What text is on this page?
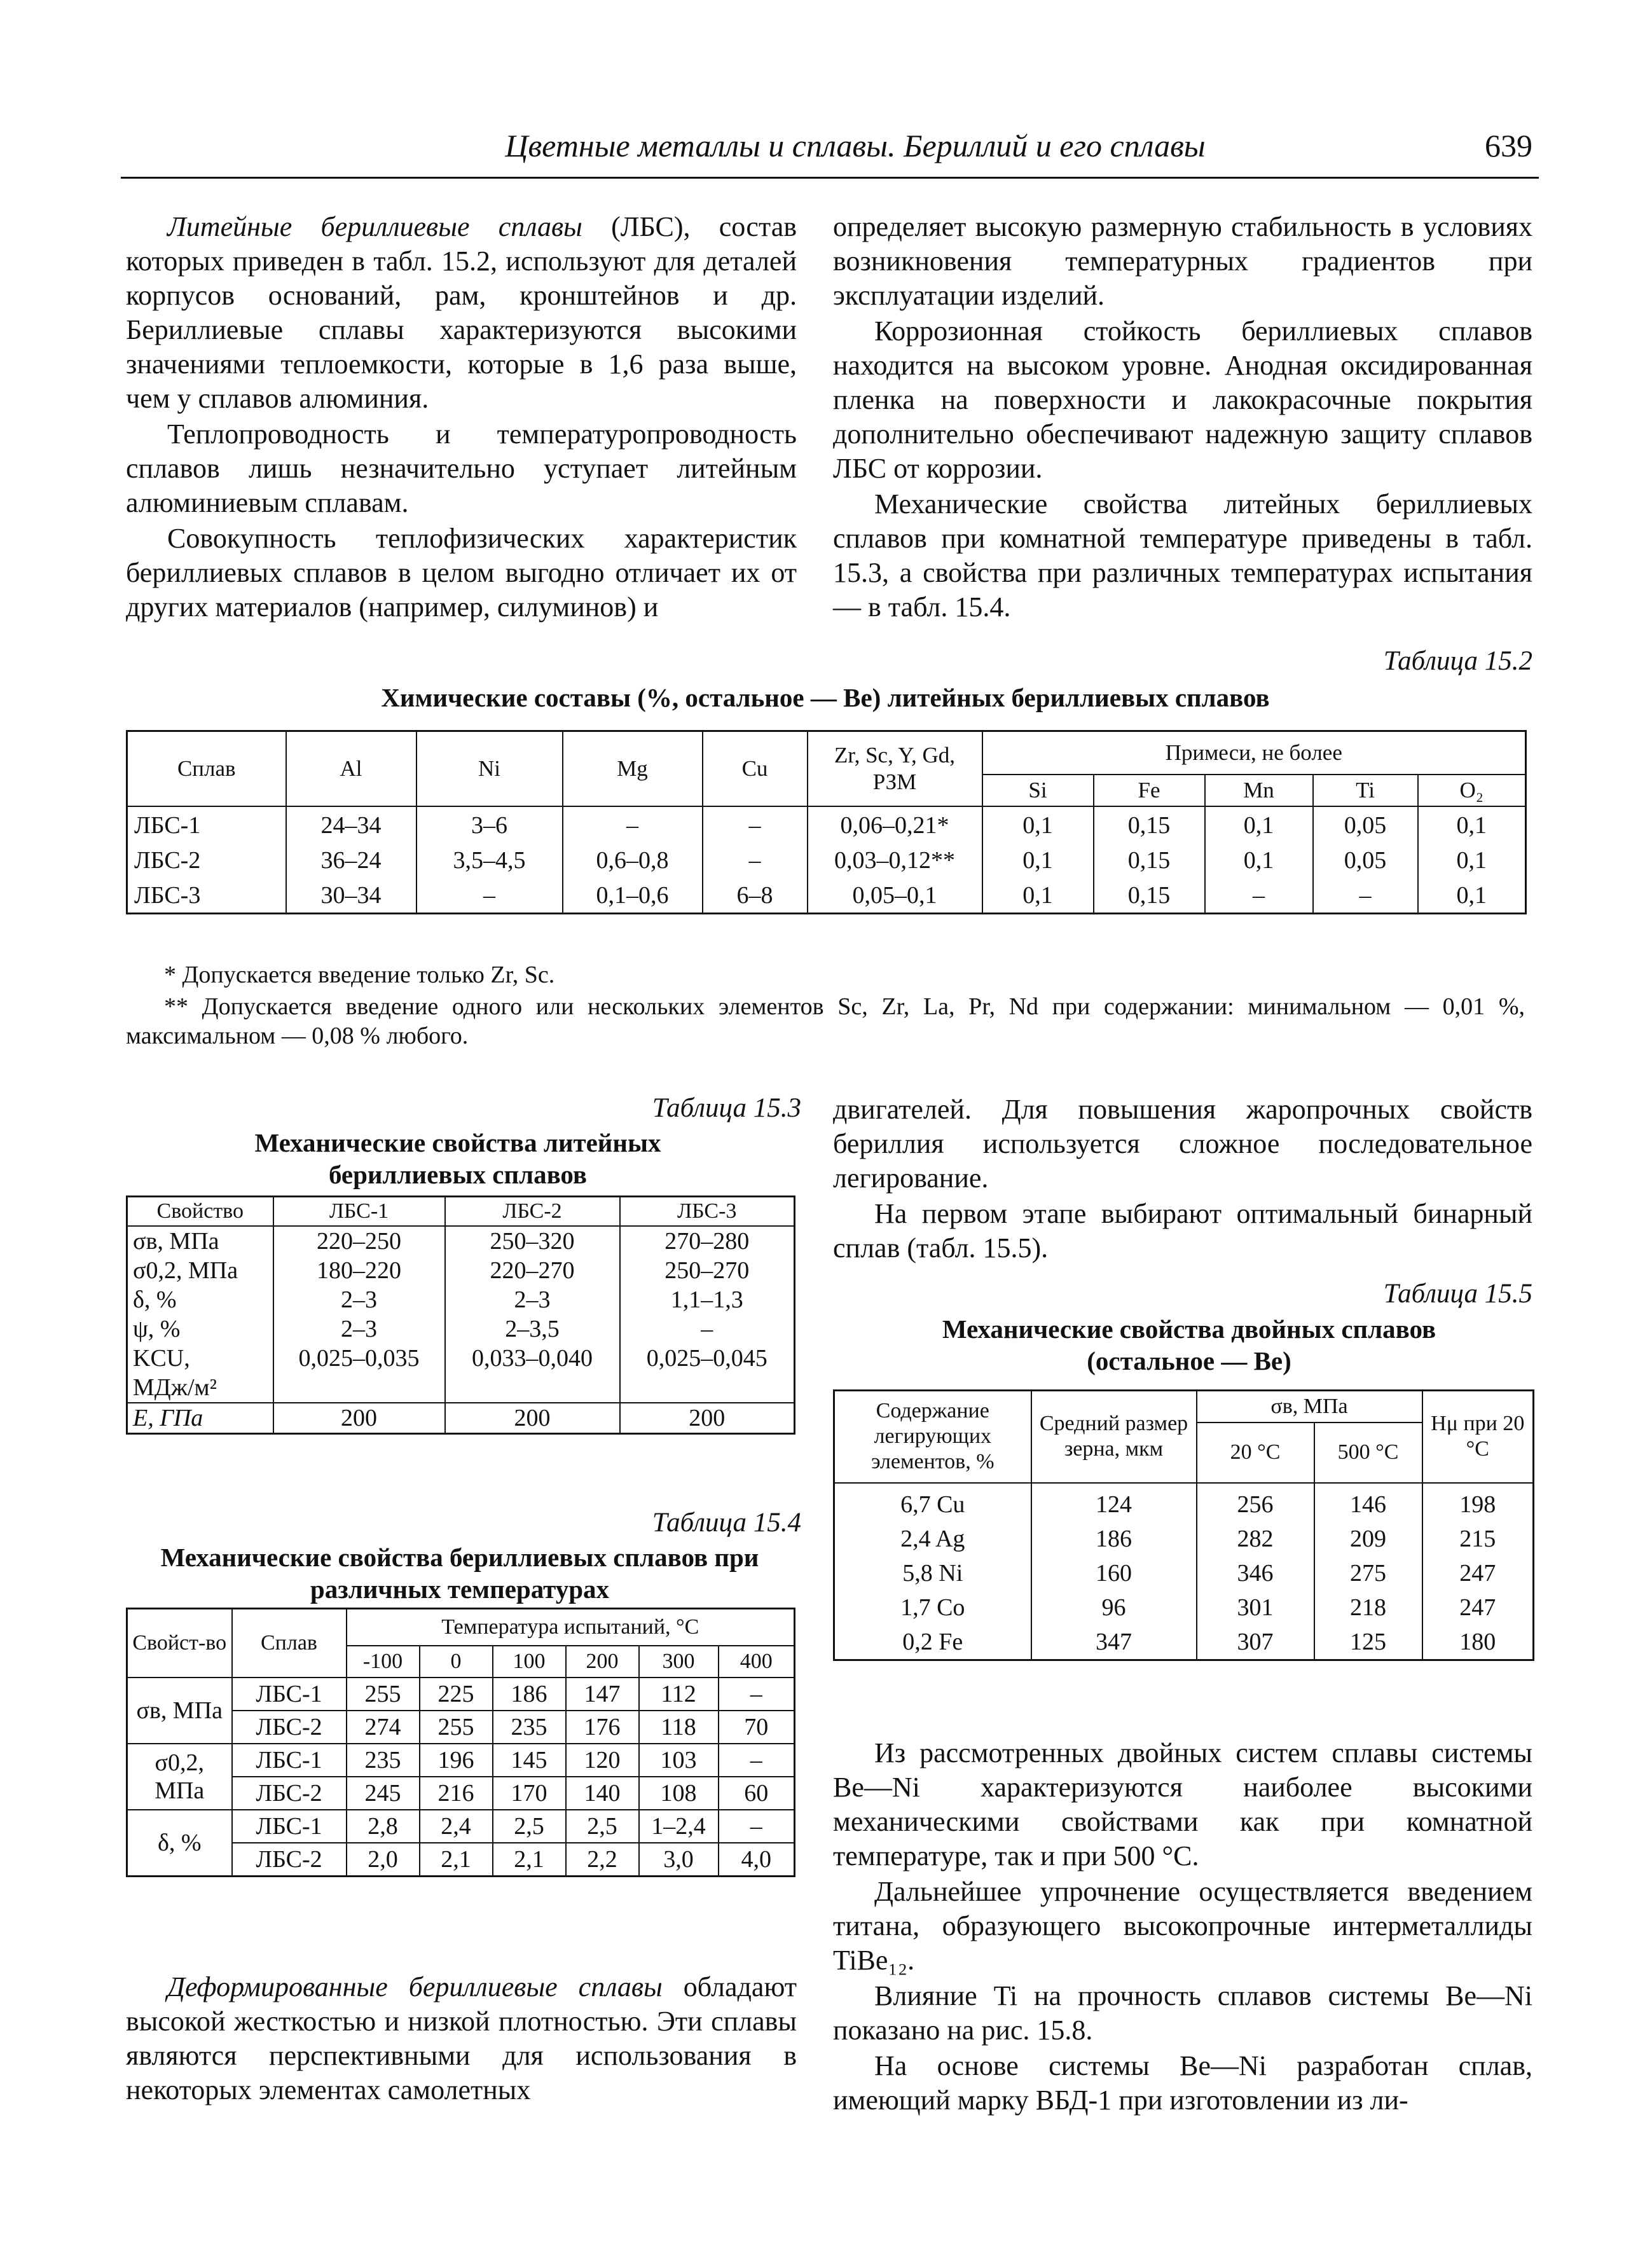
Цветные металлы и сплавы. Бериллий и его сплавы	639

Литейные бериллиевые сплавы (ЛБС), состав которых приведен в табл. 15.2, используют для деталей корпусов оснований, рам, кронштейнов и др. Бериллиевые сплавы характеризуются высокими значениями теплоемкости, которые в 1,6 раза выше, чем у сплавов алюминия.

Теплопроводность и температуропроводность сплавов лишь незначительно уступает литейным алюминиевым сплавам.

Совокупность теплофизических характеристик бериллиевых сплавов в целом выгодно отличает их от других материалов (например, силуминов) и

определяет высокую размерную стабильность в условиях возникновения температурных градиентов при эксплуатации изделий.

Коррозионная стойкость бериллиевых сплавов находится на высоком уровне. Анодная оксидированная пленка на поверхности и лакокрасочные покрытия дополнительно обеспечивают надежную защиту сплавов ЛБС от коррозии.

Механические свойства литейных бериллиевых сплавов при комнатной температуре приведены в табл. 15.3, а свойства при различных температурах испытания — в табл. 15.4.

Таблица 15.2
Химические составы (%, остальное — Ве) литейных бериллиевых сплавов
Сплав	Al	Ni	Mg	Cu	Zr, Sc, Y, Gd, РЗМ	Примеси, не более				
						Si	Fe	Mn	Ti	O₂
ЛБС-1	24–34	3–6	–	–	0,06–0,21*	0,1	0,15	0,1	0,05	0,1
ЛБС-2	36–24	3,5–4,5	0,6–0,8	–	0,03–0,12**	0,1	0,15	0,1	0,05	0,1
ЛБС-3	30–34	–	0,1–0,6	6–8	0,05–0,1	0,1	0,15	–	–	0,1
* Допускается введение только Zr, Sc.
** Допускается введение одного или нескольких элементов Sc, Zr, La, Pr, Nd при содержании: минимальном — 0,01 %, максимальном — 0,08 % любого.
Таблица 15.3
Механические свойства литейных бериллиевых сплавов
Свойство	ЛБС-1	ЛБС-2	ЛБС-3
σв, МПа	220–250	250–320	270–280
σ0,2, МПа	180–220	220–270	250–270
δ, %	2–3	2–3	1,1–1,3
ψ, %	2–3	2–3,5	–
KCU,	0,025–0,035	0,033–0,040	0,025–0,045
МДж/м²			
E, ГПа	200	200	200
Таблица 15.4
Механические свойства бериллиевых сплавов при различных температурах
Свойст-во	Сплав	Температура испытаний, °C					
		-100	0	100	200	300	400
σв, МПа	ЛБС-1	255	225	186	147	112	–
	ЛБС-2	274	255	235	176	118	70
σ0,2, МПа	ЛБС-1	235	196	145	120	103	–
	ЛБС-2	245	216	170	140	108	60
δ, %	ЛБС-1	2,8	2,4	2,5	2,5	1–2,4	–
	ЛБС-2	2,0	2,1	2,1	2,2	3,0	4,0

Деформированные бериллиевые сплавы обладают высокой жесткостью и низкой плотностью. Эти сплавы являются перспективными для использования в некоторых элементах самолетных

двигателей. Для повышения жаропрочных свойств бериллия используется сложное последовательное легирование.

На первом этапе выбирают оптимальный бинарный сплав (табл. 15.5).

Таблица 15.5
Механические свойства двойных сплавов (остальное — Ве)
Содержание легирующих элементов, %	Средний размер зерна, мкм	σв, МПа		Hμ при 20 °C
		20 °C	500 °C	
6,7 Cu	124	256	146	198
2,4 Ag	186	282	209	215
5,8 Ni	160	346	275	247
1,7 Co	96	301	218	247
0,2 Fe	347	307	125	180

Из рассмотренных двойных систем сплавы системы Be—Ni характеризуются наиболее высокими механическими свойствами как при комнатной температуре, так и при 500 °С.

Дальнейшее упрочнение осуществляется введением титана, образующего высокопрочные интерметаллиды TiBe₁₂.

Влияние Ti на прочность сплавов системы Be—Ni показано на рис. 15.8.

На основе системы Be—Ni разработан сплав, имеющий марку ВБД-1 при изготовлении из ли-
